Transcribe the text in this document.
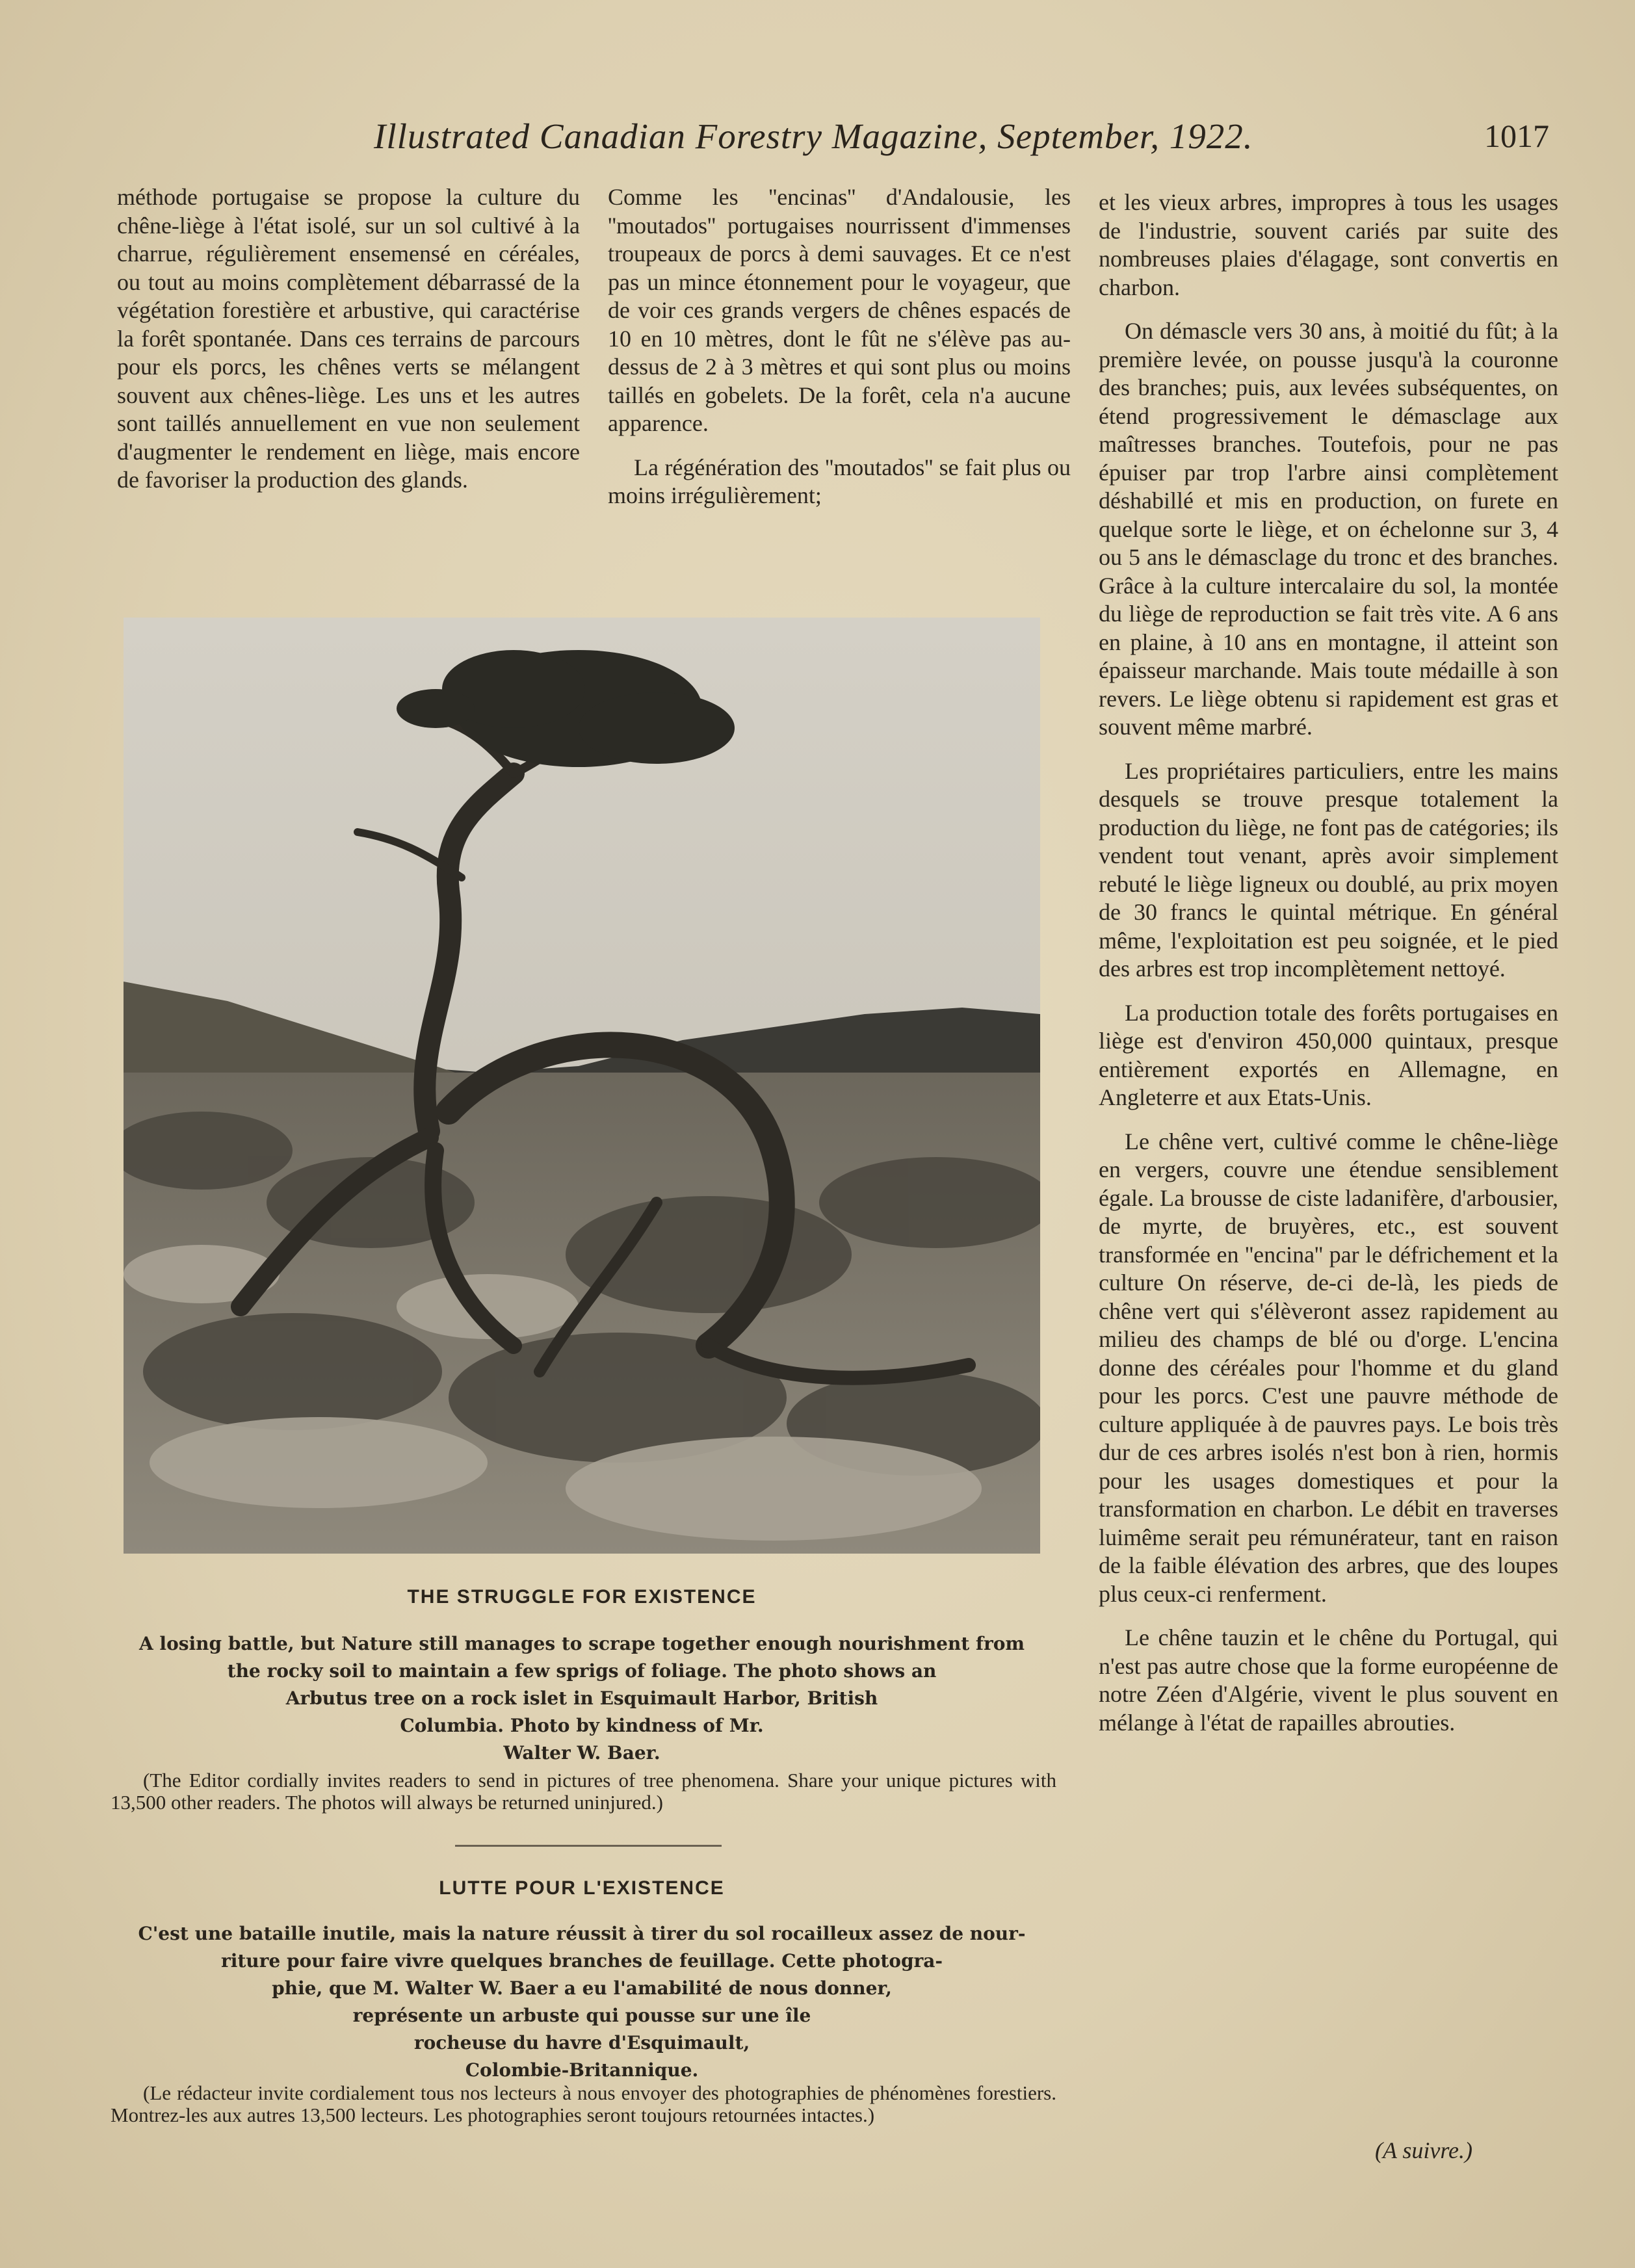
Illustrated Canadian Forestry Magazine, September, 1922.	1017

méthode portugaise se propose la culture du chêne-liège à l'état isolé, sur un sol cultivé à la charrue, régulièrement ensemensé en céréales, ou tout au moins complètement débarrassé de la végétation forestière et arbustive, qui caractérise la forêt spontanée. Dans ces terrains de parcours pour els porcs, les chênes verts se mélangent souvent aux chênes-liège. Les uns et les autres sont taillés annuellement en vue non seulement d'augmenter le rendement en liège, mais encore de favoriser la production des glands.

Comme les ''encinas'' d'Andalousie, les ''moutados'' portugaises nourrissent d'immenses troupeaux de porcs à demi sauvages. Et ce n'est pas un mince étonnement pour le voyageur, que de voir ces grands vergers de chênes espacés de 10 en 10 mètres, dont le fût ne s'élève pas au-dessus de 2 à 3 mètres et qui sont plus ou moins taillés en gobelets. De la forêt, cela n'a aucune apparence.

La régénération des ''moutados'' se fait plus ou moins irrégulièrement;

et les vieux arbres, impropres à tous les usages de l'industrie, souvent cariés par suite des nombreuses plaies d'élagage, sont convertis en charbon.

On démascle vers 30 ans, à moitié du fût; à la première levée, on pousse jusqu'à la couronne des branches; puis, aux levées subséquentes, on étend progressivement le démasclage aux maîtresses branches. Toutefois, pour ne pas épuiser par trop l'arbre ainsi complètement déshabillé et mis en production, on furete en quelque sorte le liège, et on échelonne sur 3, 4 ou 5 ans le démasclage du tronc et des branches. Grâce à la culture intercalaire du sol, la montée du liège de reproduction se fait très vite. A 6 ans en plaine, à 10 ans en montagne, il atteint son épaisseur marchande. Mais toute médaille à son revers. Le liège obtenu si rapidement est gras et souvent même marbré.

Les propriétaires particuliers, entre les mains desquels se trouve presque totalement la production du liège, ne font pas de catégories; ils vendent tout venant, après avoir simplement rebuté le liège ligneux ou doublé, au prix moyen de 30 francs le quintal métrique. En général même, l'exploitation est peu soignée, et le pied des arbres est trop incomplètement nettoyé.

La production totale des forêts portugaises en liège est d'environ 450,000 quintaux, presque entièrement exportés en Allemagne, en Angleterre et aux Etats-Unis.

Le chêne vert, cultivé comme le chêne-liège en vergers, couvre une étendue sensiblement égale. La brousse de ciste ladanifère, d'arbousier, de myrte, de bruyères, etc., est souvent transformée en ''encina'' par le défrichement et la culture On réserve, de-ci de-là, les pieds de chêne vert qui s'élèveront assez rapidement au milieu des champs de blé ou d'orge. L'encina donne des céréales pour l'homme et du gland pour les porcs. C'est une pauvre méthode de culture appliquée à de pauvres pays. Le bois très dur de ces arbres isolés n'est bon à rien, hormis pour les usages domestiques et pour la transformation en charbon. Le débit en traverses luimême serait peu rémunérateur, tant en raison de la faible élévation des arbres, que des loupes plus ceux-ci renferment.

Le chêne tauzin et le chêne du Portugal, qui n'est pas autre chose que la forme européenne de notre Zéen d'Algérie, vivent le plus souvent en mélange à l'état de rapailles abrouties.

(A suivre.)
THE STRUGGLE FOR EXISTENCE
A losing battle, but Nature still manages to scrape together enough nourishment from
the rocky soil to maintain a few sprigs of foliage. The photo shows an
Arbutus tree on a rock islet in Esquimault Harbor, British
Columbia. Photo by kindness of Mr.
Walter W. Baer.
(The Editor cordially invites readers to send in pictures of tree phenomena. Share your unique pictures with 13,500 other readers. The photos will always be returned uninjured.)
LUTTE POUR L'EXISTENCE
C'est une bataille inutile, mais la nature réussit à tirer du sol rocailleux assez de nour-
riture pour faire vivre quelques branches de feuillage. Cette photogra-
phie, que M. Walter W. Baer a eu l'amabilité de nous donner,
représente un arbuste qui pousse sur une île
rocheuse du havre d'Esquimault,
Colombie-Britannique.
(Le rédacteur invite cordialement tous nos lecteurs à nous envoyer des photographies de phénomènes forestiers. Montrez-les aux autres 13,500 lecteurs. Les photographies seront toujours retournées intactes.)
